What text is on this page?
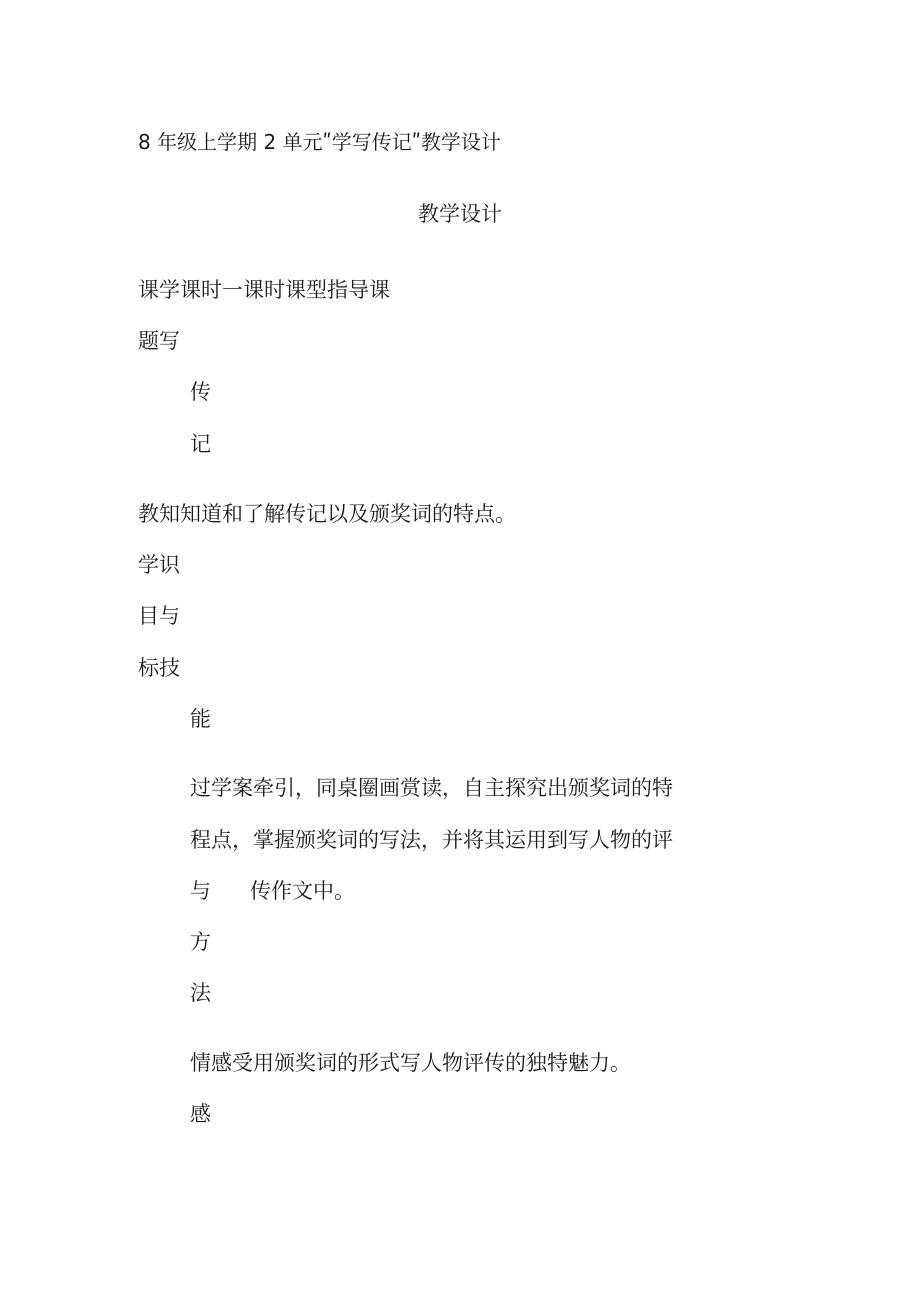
8 年级上学期 2 单元ʺ学写传记ʺ教学设计
教学设计
课学课时一课时课型指导课
题写
传
记
教知知道和了解传记以及颁奖词的特点。
学识
目与
标技
能
过学案牵引，同桌圈画赏读，自主探究出颁奖词的特
程点，掌握颁奖词的写法，并将其运用到写人物的评
与 传作文中。
方
法
情感受用颁奖词的形式写人物评传的独特魅力。
感
